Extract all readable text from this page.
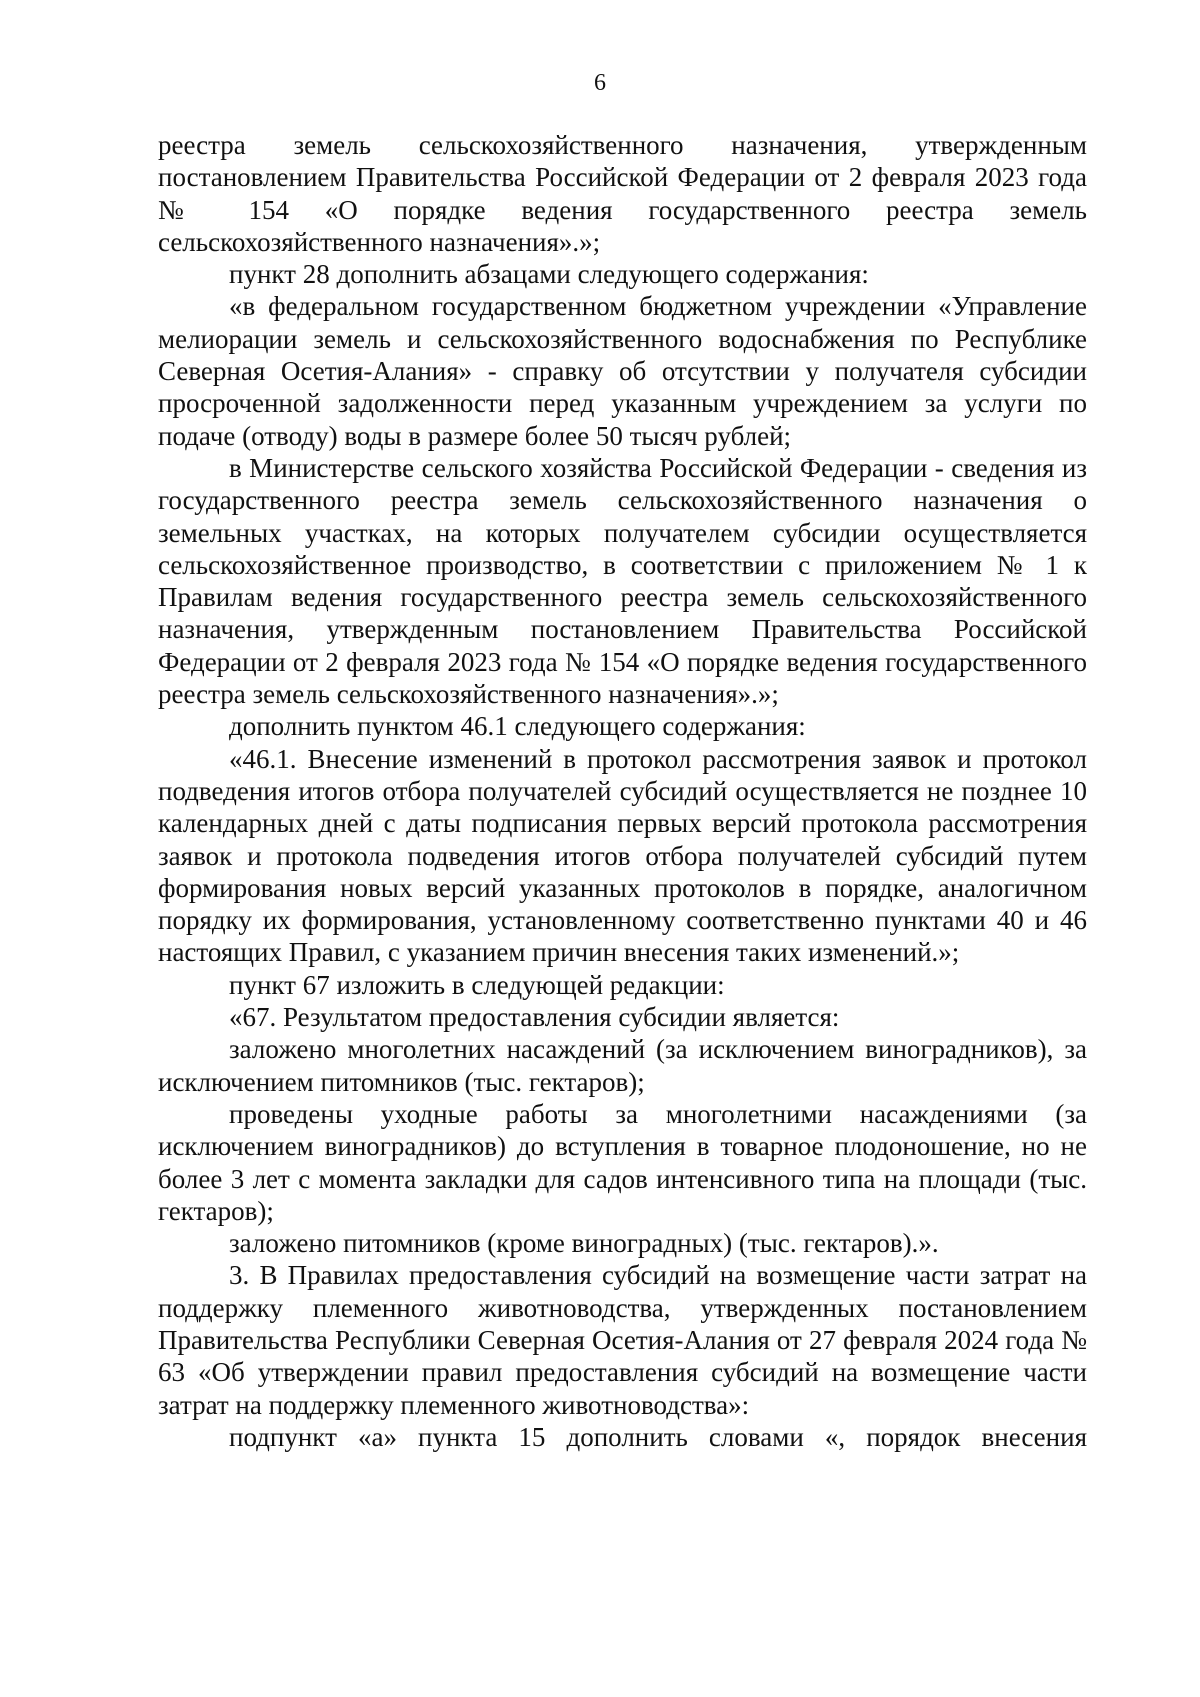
6

реестра земель сельскохозяйственного назначения, утвержденным постановлением Правительства Российской Федерации от 2 февраля 2023 года № 154 «О порядке ведения государственного реестра земель сельскохозяйственного назначения».»;

пункт 28 дополнить абзацами следующего содержания:

«в федеральном государственном бюджетном учреждении «Управление мелиорации земель и сельскохозяйственного водоснабжения по Республике Северная Осетия-Алания» - справку об отсутствии у получателя субсидии просроченной задолженности перед указанным учреждением за услуги по подаче (отводу) воды в размере более 50 тысяч рублей;

в Министерстве сельского хозяйства Российской Федерации - сведения из государственного реестра земель сельскохозяйственного назначения о земельных участках, на которых получателем субсидии осуществляется сельскохозяйственное производство, в соответствии с приложением № 1 к Правилам ведения государственного реестра земель сельскохозяйственного назначения, утвержденным постановлением Правительства Российской Федерации от 2 февраля 2023 года № 154 «О порядке ведения государственного реестра земель сельскохозяйственного назначения».»;

дополнить пунктом 46.1 следующего содержания:

«46.1. Внесение изменений в протокол рассмотрения заявок и протокол подведения итогов отбора получателей субсидий осуществляется не позднее 10 календарных дней с даты подписания первых версий протокола рассмотрения заявок и протокола подведения итогов отбора получателей субсидий путем формирования новых версий указанных протоколов в порядке, аналогичном порядку их формирования, установленному соответственно пунктами 40 и 46 настоящих Правил, с указанием причин внесения таких изменений.»;

пункт 67 изложить в следующей редакции:

«67. Результатом предоставления субсидии является:

заложено многолетних насаждений (за исключением виноградников), за исключением питомников (тыс. гектаров);

проведены уходные работы за многолетними насаждениями (за исключением виноградников) до вступления в товарное плодоношение, но не более 3 лет с момента закладки для садов интенсивного типа на площади (тыс. гектаров);

заложено питомников (кроме виноградных) (тыс. гектаров).».

3. В Правилах предоставления субсидий на возмещение части затрат на поддержку племенного животноводства, утвержденных постановлением Правительства Республики Северная Осетия-Алания от 27 февраля 2024 года № 63 «Об утверждении правил предоставления субсидий на возмещение части затрат на поддержку племенного животноводства»:

подпункт «а» пункта 15 дополнить словами «, порядок внесения
